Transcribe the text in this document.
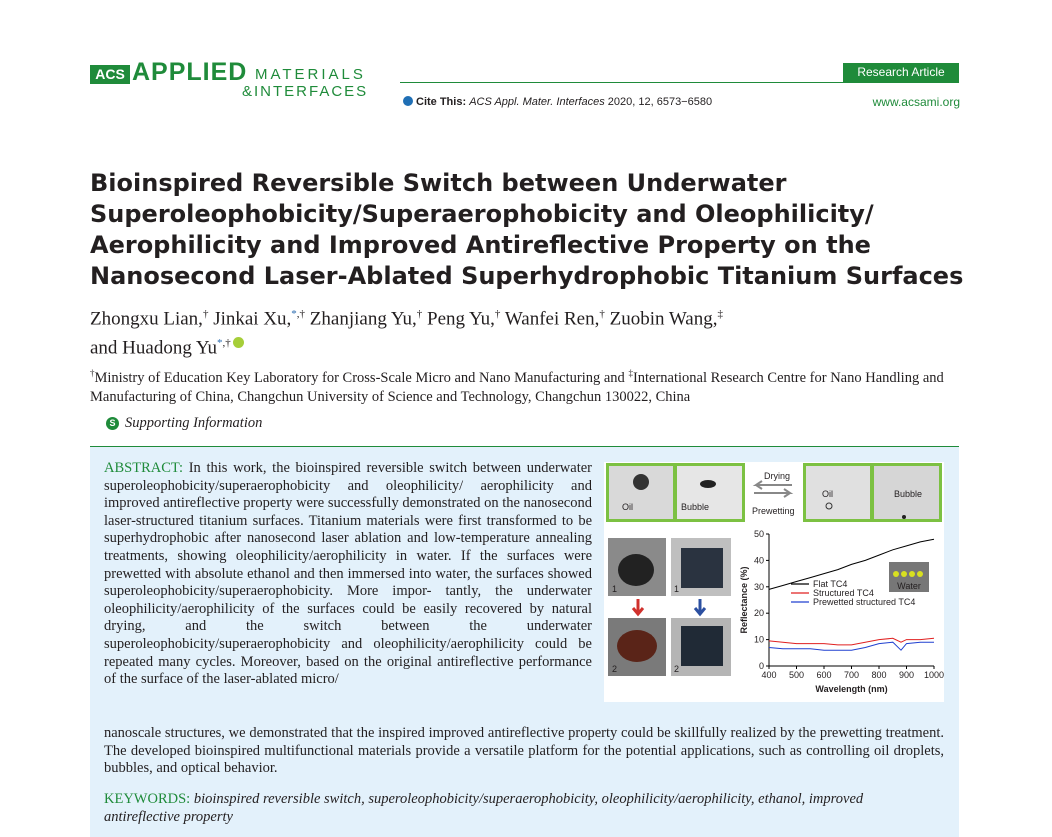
ACS APPLIED MATERIALS
&INTERFACES
Research Article
Cite This: ACS Appl. Mater. Interfaces 2020, 12, 6573−6580	www.acsami.org
Bioinspired Reversible Switch between Underwater Superoleophobicity/Superaerophobicity and Oleophilicity/ Aerophilicity and Improved Antireflective Property on the Nanosecond Laser-Ablated Superhydrophobic Titanium Surfaces
Zhongxu Lian,† Jinkai Xu,*,† Zhanjiang Yu,† Peng Yu,† Wanfei Ren,† Zuobin Wang,‡
and Huadong Yu*,†
†Ministry of Education Key Laboratory for Cross-Scale Micro and Nano Manufacturing and ‡International Research Centre for Nano Handling and Manufacturing of China, Changchun University of Science and Technology, Changchun 130022, China
S Supporting Information
ABSTRACT: In this work, the bioinspired reversible switch between underwater superoleophobicity/superaerophobicity and oleophilicity/ aerophilicity and improved antireflective property were successfully demonstrated on the nanosecond laser-structured titanium surfaces. Titanium materials were first transformed to be superhydrophobic after nanosecond laser ablation and low-temperature annealing treatments, showing oleophilicity/aerophilicity in water. If the surfaces were prewetted with absolute ethanol and then immersed into water, the surfaces showed superoleophobicity/superaerophobicity. More impor- tantly, the underwater oleophilicity/aerophilicity of the surfaces could be easily recovered by natural drying, and the switch between the underwater superoleophobicity/superaerophobicity and oleophilicity/aerophilicity could be repeated many cycles. Moreover, based on the original antireflective performance of the surface of the laser-ablated micro/
nanoscale structures, we demonstrated that the inspired improved antireflective property could be skillfully realized by the prewetting treatment. The developed bioinspired multifunctional materials provide a versatile platform for the potential applications, such as controlling oil droplets, bubbles, and optical behavior.
KEYWORDS: bioinspired reversible switch, superoleophobicity/superaerophobicity, oleophilicity/aerophilicity, ethanol, improved antireflective property
Oil	Bubble
Drying
Prewetting
Oil	Bubble
1	1
2	2
400 500 600 700 800 900 1000
0
10
20
30
40
50
Wavelength (nm)
Reflectance (%)	Flat TC4
Structured TC4
Prewetted structured TC4
Water
